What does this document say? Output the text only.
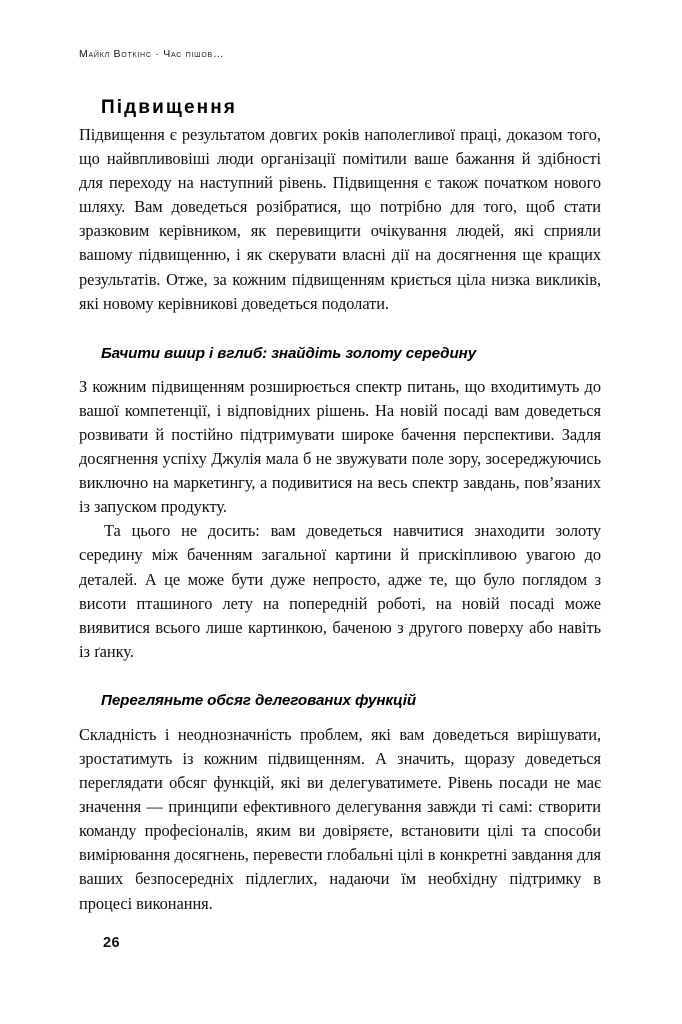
Майкл Воткінс · Час пішов…
Підвищення

Підвищення є результатом довгих років наполегливої праці, доказом того, що найвпливовіші люди організації помітили ваше бажання й здібності для переходу на наступний рівень. Підвищення є також початком нового шляху. Вам доведеться розібратися, що потрібно для того, щоб стати зразковим керівником, як перевищити очікування людей, які сприяли вашому підвищенню, і як скерувати власні дії на досягнення ще кращих результатів. Отже, за кожним підвищенням криється ціла низка викликів, які новому керівникові доведеться подолати.

Бачити вшир і вглиб: знайдіть золоту середину

З кожним підвищенням розширюється спектр питань, що входитимуть до вашої компетенції, і відповідних рішень. На новій посаді вам доведеться розвивати й постійно підтримувати широке бачення перспективи. Задля досягнення успіху Джулія мала б не звужувати поле зору, зосереджуючись виключно на маркетингу, а подивитися на весь спектр завдань, пов’язаних із запуском продукту.

Та цього не досить: вам доведеться навчитися знаходити золоту середину між баченням загальної картини й прискіпливою увагою до деталей. А це може бути дуже непросто, адже те, що було поглядом з висоти пташиного лету на попередній роботі, на новій посаді може виявитися всього лише картинкою, баченою з другого поверху або навіть із ґанку.

Перегляньте обсяг делегованих функцій

Складність і неоднозначність проблем, які вам доведеться вирішувати, зростатимуть із кожним підвищенням. А значить, щоразу доведеться переглядати обсяг функцій, які ви делегуватимете. Рівень посади не має значення — принципи ефективного делегування завжди ті самі: створити команду професіоналів, яким ви довіряєте, встановити цілі та способи вимірювання досягнень, перевести глобальні цілі в конкретні завдання для ваших безпосередніх підлеглих, надаючи їм необхідну підтримку в процесі виконання.

26
